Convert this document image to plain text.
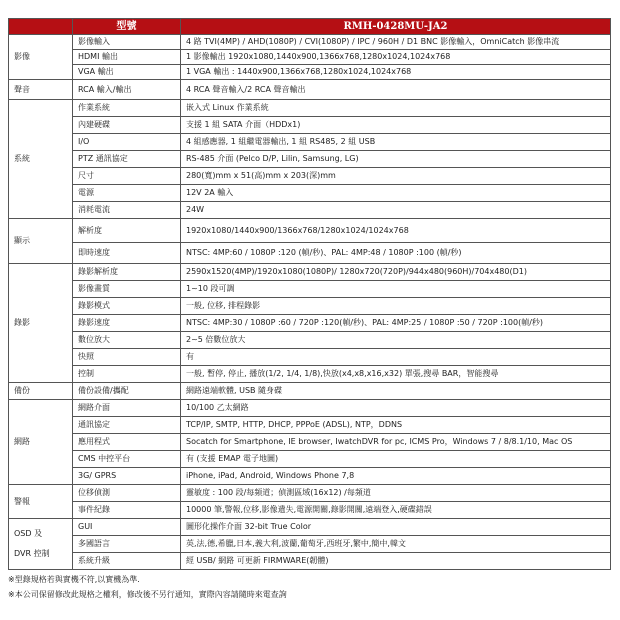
	型號	RMH-0428MU-JA2
影像	影像輸入	4 路 TVI(4MP) / AHD(1080P) / CVI(1080P) / IPC / 960H / D1 BNC 影像輸入，OmniCatch 影像串流
	HDMI 輸出	1 影像輸出 1920x1080,1440x900,1366x768,1280x1024,1024x768
	VGA 輸出	1 VGA 輸出 : 1440x900,1366x768,1280x1024,1024x768
聲音	RCA 輸入/輸出	4 RCA 聲音輸入/2 RCA 聲音輸出
系統	作業系統	嵌入式 Linux 作業系統
	內建硬碟	支援 1 組 SATA 介面（HDDx1)
	I/O	4 組感應器, 1 組繼電器輸出, 1 組 RS485, 2 組 USB
	PTZ 通訊協定	RS-485 介面 (Pelco D/P, Lilin, Samsung, LG)
	尺寸	280(寬)mm x 51(高)mm x 203(深)mm
	電源	12V 2A 輸入
	消耗電流	24W
顯示	解析度	1920x1080/1440x900/1366x768/1280x1024/1024x768
	即時速度	NTSC: 4MP:60 / 1080P :120 (幀/秒)、PAL: 4MP:48 / 1080P :100 (幀/秒)
錄影	錄影解析度	2590x1520(4MP)/1920x1080(1080P)/ 1280x720(720P)/944x480(960H)/704x480(D1)
	影像畫質	1~10 段可調
	錄影模式	一般, 位移, 排程錄影
	錄影速度	NTSC: 4MP:30 / 1080P :60 / 720P :120(幀/秒)、PAL: 4MP:25 / 1080P :50 / 720P :100(幀/秒)
	數位放大	2~5 倍數位放大
	快照	有
	控制	一般, 暫停, 停止, 播放(1/2, 1/4, 1/8),快放(x4,x8,x16,x32) 單張,搜尋 BAR，智能搜尋
備份	備份設備/攜配	網路遠端軟體, USB 隨身碟
網路	網路介面	10/100 乙太網路
	通訊協定	TCP/IP, SMTP, HTTP, DHCP, PPPoE (ADSL), NTP，DDNS
	應用程式	Socatch for Smartphone, IE browser, IwatchDVR for pc, ICMS Pro，Windows 7 / 8/8.1/10, Mac OS
	CMS 中控平台	有 (支援 EMAP 電子地圖)
	3G/ GPRS	iPhone, iPad, Android, Windows Phone 7,8
警報	位移偵測	靈敏度 : 100 段/每頻道；偵測區域(16x12) /每頻道
	事件紀錄	10000 筆,警報,位移,影像遺失,電源開關,錄影開關,遠端登入,硬碟錯誤
OSD 及

DVR 控制	GUI	圖形化操作介面 32-bit True Color
	多國語言	英,法,德,希臘,日本,義大利,波蘭,葡萄牙,西班牙,繁中,簡中,韓文
	系統升級	經 USB/ 網路 可更新 FIRMWARE(韌體)

※型錄規格若與實機不符,以實機為準.

※本公司保留修改此規格之權利，修改後不另行通知，實際內容請隨時來電查詢
